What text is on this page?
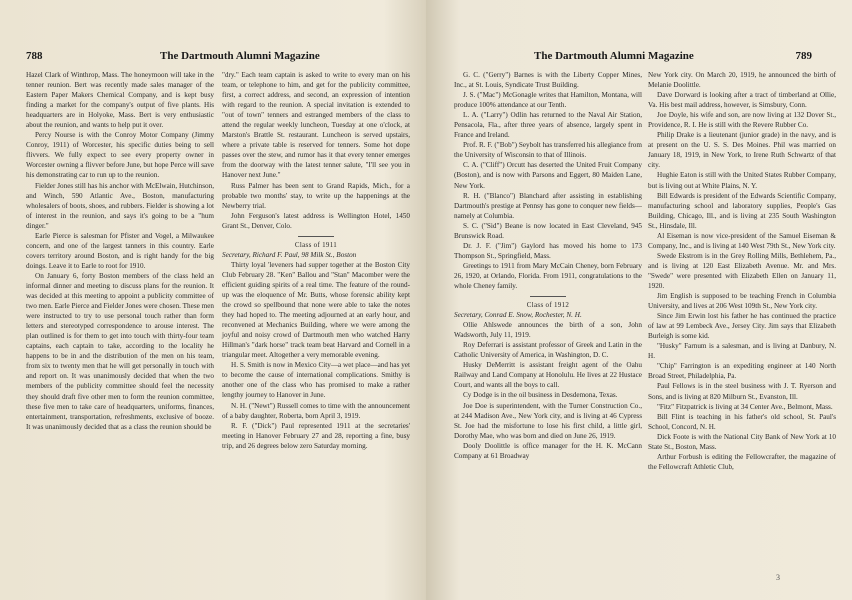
788	The Dartmouth Alumni Magazine

Hazel Clark of Winthrop, Mass. The honeymoon will take in the tenner reunion. Bert was recently made sales manager of the Eastern Paper Makers Chemical Company, and is kept busy finding a market for the company's output of five plants. His headquarters are in Holyoke, Mass. Bert is very enthusiastic about the reunion, and wants to help put it over.

Percy Nourse is with the Conroy Motor Company (Jimmy Conroy, 1911) of Worcester, his specific duties being to sell flivvers. We fully expect to see every property owner in Worcester owning a flivver before June, but hope Perce will save his demonstrating car to run up to the reunion.

Fielder Jones still has his anchor with McElwain, Hutchinson, and Winch, 590 Atlantic Ave., Boston, manufacturing wholesalers of boots, shoes, and rubbers. Fielder is showing a lot of interest in the reunion, and says it's going to be a "hum dinger."

Earle Pierce is salesman for Pfister and Vogel, a Milwaukee concern, and one of the largest tanners in this country. Earle covers territory around Boston, and is right handy for the big doings. Leave it to Earle to root for 1910.

On January 6, forty Boston members of the class held an informal dinner and meeting to discuss plans for the reunion. It was decided at this meeting to appoint a publicity committee of two men. Earle Pierce and Fielder Jones were chosen. These men were instructed to try to use personal touch rather than form letters and stereotyped correspondence to arouse interest. The plan outlined is for them to get into touch with thirty-four team captains, each captain to take, according to the locality he happens to be in and the distribution of the men on his team, from six to twenty men that he will get personally in touch with and report on. It was unanimously decided that when the two members of the publicity committee should feel the necessity they should draft five other men to form the reunion committee, these five men to take care of headquarters, uniforms, finances, entertainment, transportation, refreshments, exclusive of booze. It was unanimously decided that as a class the reunion should be

"dry." Each team captain is asked to write to every man on his team, or telephone to him, and get for the publicity committee, first, a correct address, and second, an expression of intention with regard to the reunion. A special invitation is extended to "out of town" tenners and estranged members of the class to attend the regular weekly luncheon, Tuesday at one o'clock, at Marston's Brattle St. restaurant. Luncheon is served upstairs, where a private table is reserved for tenners. Some hot dope passes over the stew, and rumor has it that every tenner emerges from the doorway with the latest tenner salute, "I'll see you in Hanover next June."

Russ Palmer has been sent to Grand Rapids, Mich., for a probable two months' stay, to write up the happenings at the Newberry trial.

John Ferguson's latest address is Wellington Hotel, 1450 Grant St., Denver, Colo.

Class of 1911

Secretary, Richard F. Paul, 98 Milk St., Boston

Thirty loyal 'leveners had supper together at the Boston City Club February 28. "Ken" Ballou and "Stan" Macomber were the efficient guiding spirits of a real time. The feature of the round-up was the eloquence of Mr. Butts, whose forensic ability kept the crowd so spellbound that none were able to take the notes they had hoped to. The meeting adjourned at an early hour, and reconvened at Mechanics Building, where we were among the joyful and noisy crowd of Dartmouth men who watched Harry Hillman's "dark horse" track team beat Harvard and Cornell in a triangular meet. Altogether a very memorable evening.

H. S. Smith is now in Mexico City—a wet place—and has yet to become the cause of international complications. Smithy is another one of the class who has promised to make a rather lengthy journey to Hanover in June.

N. H. ("Newt") Russell comes to time with the announcement of a baby daughter, Roberta, born April 3, 1919.

R. F. ("Dick") Paul represented 1911 at the secretaries' meeting in Hanover February 27 and 28, reporting a fine, busy trip, and 26 degrees below zero Saturday morning.

The Dartmouth Alumni Magazine	789

G. C. ("Gerry") Barnes is with the Liberty Copper Mines, Inc., at St. Louis, Syndicate Trust Building.

J. S. ("Mac") McGonagle writes that Hamilton, Montana, will produce 100% attendance at our Tenth.

L. A. ("Larry") Odlin has returned to the Naval Air Station, Pensacola, Fla., after three years of absence, largely spent in France and Ireland.

Prof. R. F. ("Bob") Seybolt has transferred his allegiance from the University of Wisconsin to that of Illinois.

C. A. ("Cliff") Orcutt has deserted the United Fruit Company (Boston), and is now with Parsons and Eggert, 80 Maiden Lane, New York.

R. H. ("Blanco") Blanchard after assisting in establishing Dartmouth's prestige at Pennsy has gone to conquer new fields—namely at Columbia.

S. C. ("Sid") Beane is now located in East Cleveland, 945 Brunswick Road.

Dr. J. F. ("Jim") Gaylord has moved his home to 173 Thompson St., Springfield, Mass.

Greetings to 1911 from Mary McCain Cheney, born February 26, 1920, at Orlando, Florida. From 1911, congratulations to the whole Cheney family.

Class of 1912

Secretary, Conrad E. Snow, Rochester, N. H.

Ollie Ahlswede announces the birth of a son, John Wadsworth, July 11, 1919.

Roy Deferrari is assistant professor of Greek and Latin in the Catholic University of America, in Washington, D. C.

Husky DeMerritt is assistant freight agent of the Oahu Railway and Land Company at Honolulu. He lives at 22 Hustace Court, and wants all the boys to call.

Cy Dodge is in the oil business in Desdemona, Texas.

Joe Doe is superintendent, with the Turner Construction Co., at 244 Madison Ave., New York city, and is living at 46 Cypress St. Joe had the misfortune to lose his first child, a little girl, Dorothy Mae, who was born and died on June 26, 1919.

Dooly Doolittle is office manager for the H. K. McCann Company at 61 Broadway

New York city. On March 20, 1919, he announced the birth of Melanie Doolittle.

Dave Dorward is looking after a tract of timberland at Ollie, Va. His best mail address, however, is Simsbury, Conn.

Joe Doyle, his wife and son, are now living at 132 Dover St., Providence, R. I. He is still with the Revere Rubber Co.

Philip Drake is a lieutenant (junior grade) in the navy, and is at present on the U. S. S. Des Moines. Phil was married on January 18, 1919, in New York, to Irene Ruth Schwartz of that city.

Hughie Eaton is still with the United States Rubber Company, but is living out at White Plains, N. Y.

Bill Edwards is president of the Edwards Scientific Company, manufacturing school and laboratory supplies, People's Gas Building, Chicago, Ill., and is living at 235 South Washington St., Hinsdale, Ill.

Al Eiseman is now vice-president of the Samuel Eiseman & Company, Inc., and is living at 140 West 79th St., New York city.

Swede Ekstrom is in the Grey Rolling Mills, Bethlehem, Pa., and is living at 120 East Elizabeth Avenue. Mr. and Mrs. "Swede" were presented with Elizabeth Ellen on January 11, 1920.

Jim English is supposed to be teaching French in Columbia University, and lives at 206 West 109th St., New York city.

Since Jim Erwin lost his father he has continued the practice of law at 99 Lembeck Ave., Jersey City. Jim says that Elizabeth Burleigh is some kid.

"Husky" Farnum is a salesman, and is living at Danbury, N. H.

"Chip" Farrington is an expediting engineer at 140 North Broad Street, Philadelphia, Pa.

Paul Fellows is in the steel business with J. T. Ryerson and Sons, and is living at 820 Milburn St., Evanston, Ill.

"Fitz" Fitzpatrick is living at 34 Center Ave., Belmont, Mass.

Bill Flint is teaching in his father's old school, St. Paul's School, Concord, N. H.

Dick Foote is with the National City Bank of New York at 10 State St., Boston, Mass.

Arthur Forbush is editing the Fellowcrafter, the magazine of the Fellowcraft Athletic Club,

3
